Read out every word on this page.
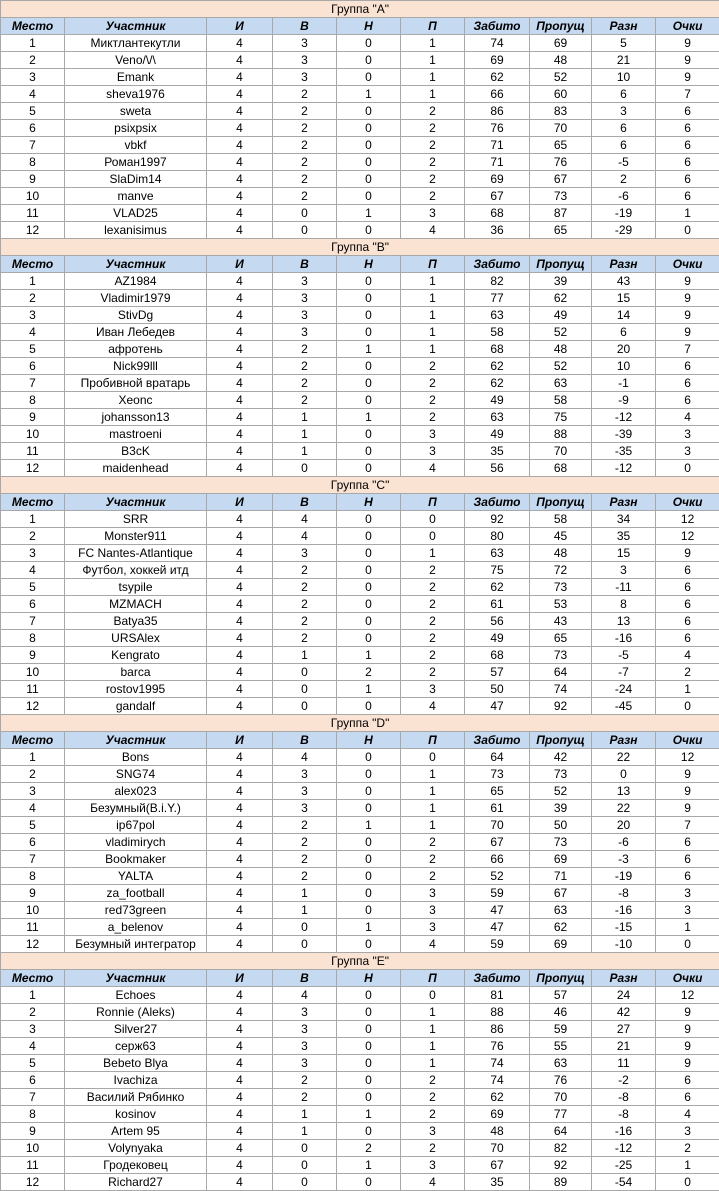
Группа "A"									
Место	Участник	И	В	Н	П	Забито	Пропущ	Разн	Очки
1	Миктлантекутли	4	3	0	1	74	69	5	9
2	Veno/\/\	4	3	0	1	69	48	21	9
3	Emank	4	3	0	1	62	52	10	9
4	sheva1976	4	2	1	1	66	60	6	7
5	sweta	4	2	0	2	86	83	3	6
6	psixpsix	4	2	0	2	76	70	6	6
7	vbkf	4	2	0	2	71	65	6	6
8	Роман1997	4	2	0	2	71	76	-5	6
9	SlaDim14	4	2	0	2	69	67	2	6
10	manve	4	2	0	2	67	73	-6	6
11	VLAD25	4	0	1	3	68	87	-19	1
12	lexanisimus	4	0	0	4	36	65	-29	0
Группа "B"									
Место	Участник	И	В	Н	П	Забито	Пропущ	Разн	Очки
1	AZ1984	4	3	0	1	82	39	43	9
2	Vladimir1979	4	3	0	1	77	62	15	9
3	StivDg	4	3	0	1	63	49	14	9
4	Иван Лебедев	4	3	0	1	58	52	6	9
5	афротень	4	2	1	1	68	48	20	7
6	Nick99lll	4	2	0	2	62	52	10	6
7	Пробивной вратарь	4	2	0	2	62	63	-1	6
8	Xeonc	4	2	0	2	49	58	-9	6
9	johansson13	4	1	1	2	63	75	-12	4
10	mastroeni	4	1	0	3	49	88	-39	3
11	B3cK	4	1	0	3	35	70	-35	3
12	maidenhead	4	0	0	4	56	68	-12	0
Группа "C"									
Место	Участник	И	В	Н	П	Забито	Пропущ	Разн	Очки
1	SRR	4	4	0	0	92	58	34	12
2	Monster911	4	4	0	0	80	45	35	12
3	FC Nantes-Atlantique	4	3	0	1	63	48	15	9
4	Футбол, хоккей итд	4	2	0	2	75	72	3	6
5	tsypile	4	2	0	2	62	73	-11	6
6	MZMACH	4	2	0	2	61	53	8	6
7	Batya35	4	2	0	2	56	43	13	6
8	URSAlex	4	2	0	2	49	65	-16	6
9	Kengrato	4	1	1	2	68	73	-5	4
10	barca	4	0	2	2	57	64	-7	2
11	rostov1995	4	0	1	3	50	74	-24	1
12	gandalf	4	0	0	4	47	92	-45	0
Группа "D"									
Место	Участник	И	В	Н	П	Забито	Пропущ	Разн	Очки
1	Bons	4	4	0	0	64	42	22	12
2	SNG74	4	3	0	1	73	73	0	9
3	alex023	4	3	0	1	65	52	13	9
4	Безумный(B.i.Y.)	4	3	0	1	61	39	22	9
5	ip67pol	4	2	1	1	70	50	20	7
6	vladimirych	4	2	0	2	67	73	-6	6
7	Bookmaker	4	2	0	2	66	69	-3	6
8	YALTA	4	2	0	2	52	71	-19	6
9	za_football	4	1	0	3	59	67	-8	3
10	red73green	4	1	0	3	47	63	-16	3
11	a_belenov	4	0	1	3	47	62	-15	1
12	Безумный интегратор	4	0	0	4	59	69	-10	0
Группа "E"									
Место	Участник	И	В	Н	П	Забито	Пропущ	Разн	Очки
1	Echoes	4	4	0	0	81	57	24	12
2	Ronnie (Aleks)	4	3	0	1	88	46	42	9
3	Silver27	4	3	0	1	86	59	27	9
4	серж63	4	3	0	1	76	55	21	9
5	Bebeto Blya	4	3	0	1	74	63	11	9
6	Ivachiza	4	2	0	2	74	76	-2	6
7	Василий Рябинко	4	2	0	2	62	70	-8	6
8	kosinov	4	1	1	2	69	77	-8	4
9	Artem 95	4	1	0	3	48	64	-16	3
10	Volynyaka	4	0	2	2	70	82	-12	2
11	Гродековец	4	0	1	3	67	92	-25	1
12	Richard27	4	0	0	4	35	89	-54	0
